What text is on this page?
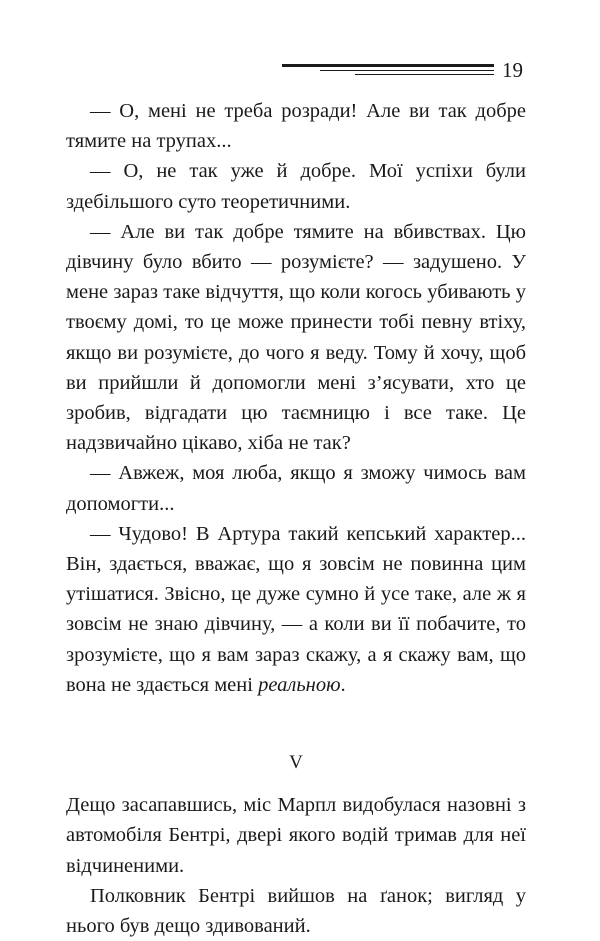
19

— О, мені не треба розради! Але ви так добре тямите на трупах...

— О, не так уже й добре. Мої успіхи були здебільшого суто теоретичними.

— Але ви так добре тямите на вбивствах. Цю дівчину було вбито — розумієте? — задушено. У мене зараз таке відчуття, що коли когось убивають у твоєму домі, то це може принести тобі певну втіху, якщо ви розумієте, до чого я веду. Тому й хочу, щоб ви прийшли й допомогли мені з’ясувати, хто це зробив, відгадати цю таємницю і все таке. Це надзвичайно цікаво, хіба не так?

— Авжеж, моя люба, якщо я зможу чимось вам допомогти...

— Чудово! В Артура такий кепський характер... Він, здається, вважає, що я зовсім не повинна цим утішатися. Звісно, це дуже сумно й усе таке, але ж я зовсім не знаю дівчину, — а коли ви її побачите, то зрозумієте, що я вам зараз скажу, а я скажу вам, що вона не здається мені реальною.

V

Дещо засапавшись, міс Марпл видобулася назовні з автомобіля Бентрі, двері якого водій тримав для неї відчиненими.

Полковник Бентрі вийшов на ґанок; вигляд у нього був дещо здивований.
